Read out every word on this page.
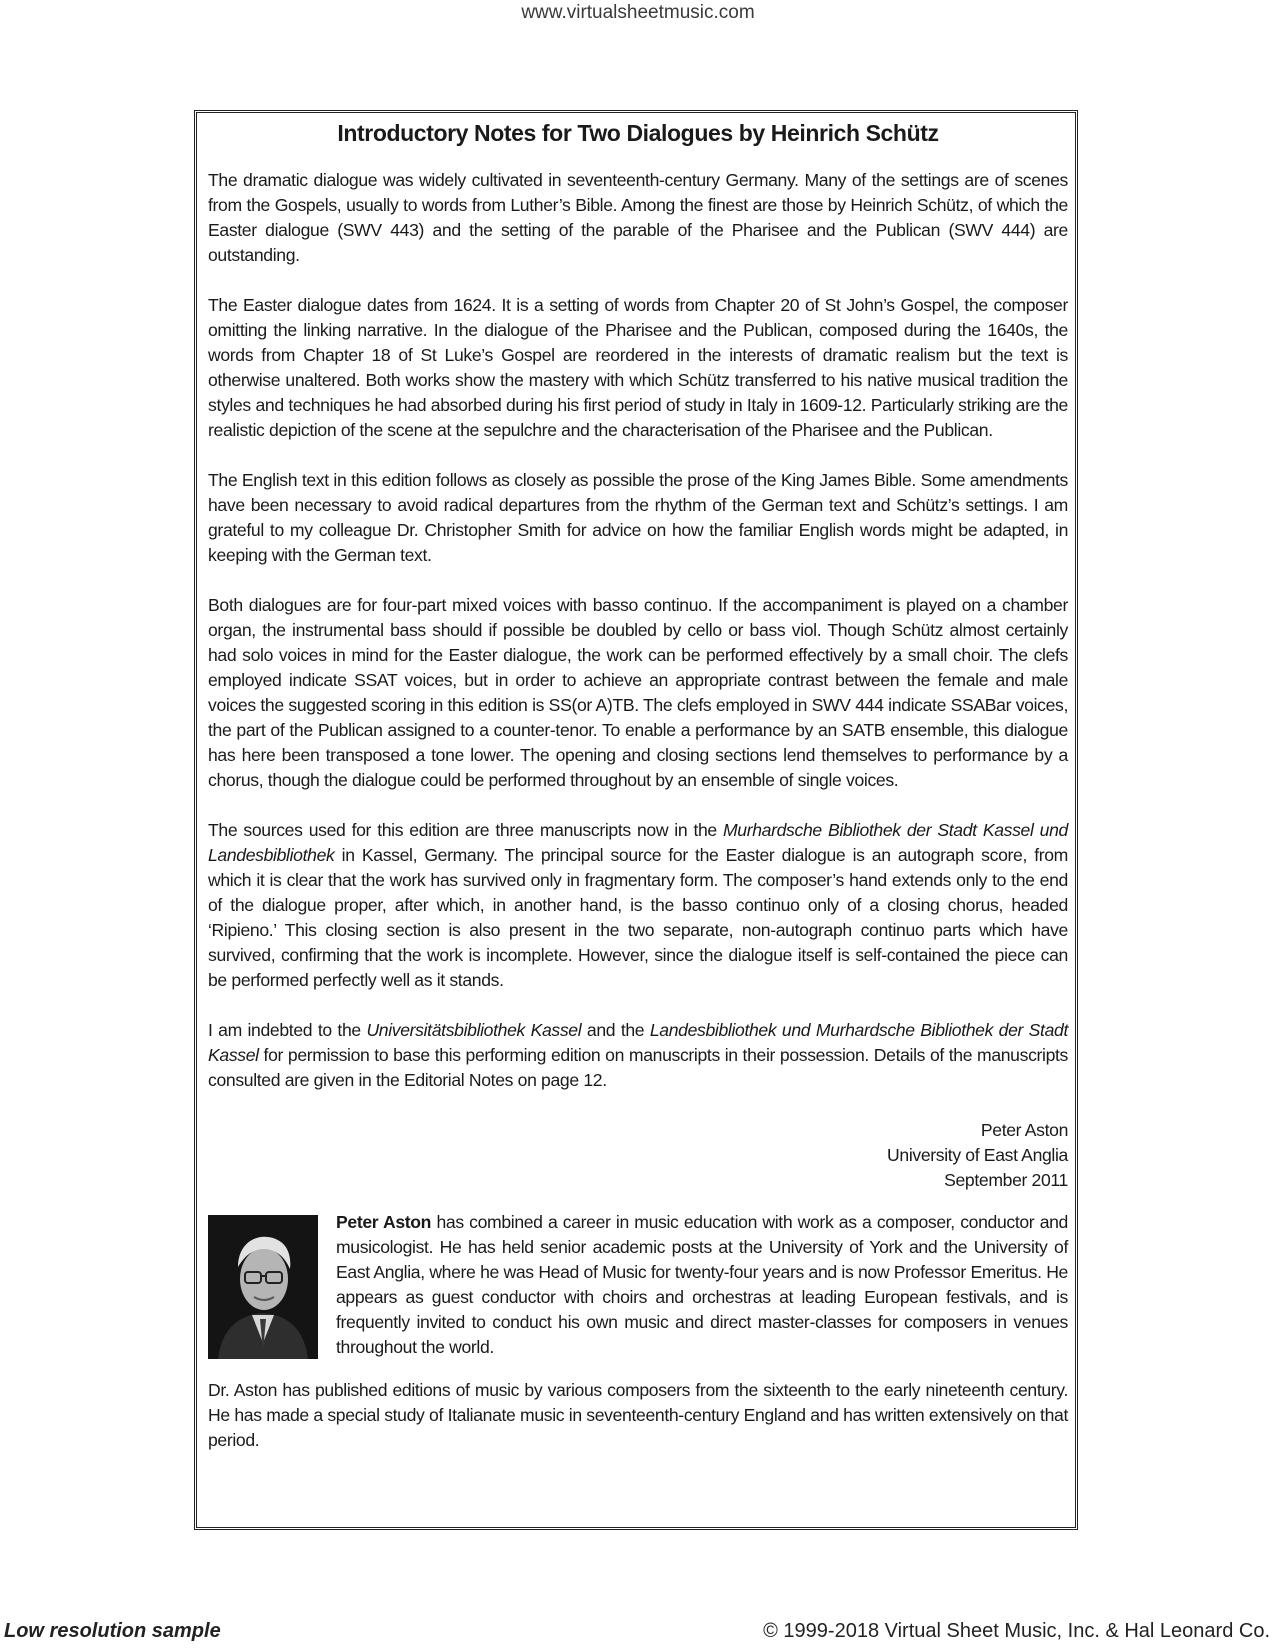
www.virtualsheetmusic.com
Introductory Notes for Two Dialogues by Heinrich Schütz

The dramatic dialogue was widely cultivated in seventeenth-century Germany. Many of the settings are of scenes from the Gospels, usually to words from Luther’s Bible. Among the finest are those by Heinrich Schütz, of which the Easter dialogue (SWV 443) and the setting of the parable of the Pharisee and the Publican (SWV 444) are outstanding.

The Easter dialogue dates from 1624. It is a setting of words from Chapter 20 of St John’s Gospel, the composer omitting the linking narrative. In the dialogue of the Pharisee and the Publican, composed during the 1640s, the words from Chapter 18 of St Luke’s Gospel are reordered in the interests of dramatic realism but the text is otherwise unaltered. Both works show the mastery with which Schütz transferred to his native musical tradition the styles and techniques he had absorbed during his first period of study in Italy in 1609-12. Particularly striking are the realistic depiction of the scene at the sepulchre and the characterisation of the Pharisee and the Publican.

The English text in this edition follows as closely as possible the prose of the King James Bible. Some amendments have been necessary to avoid radical departures from the rhythm of the German text and Schütz’s settings. I am grateful to my colleague Dr. Christopher Smith for advice on how the familiar English words might be adapted, in keeping with the German text.

Both dialogues are for four-part mixed voices with basso continuo. If the accompaniment is played on a chamber organ, the instrumental bass should if possible be doubled by cello or bass viol. Though Schütz almost certainly had solo voices in mind for the Easter dialogue, the work can be performed effectively by a small choir. The clefs employed indicate SSAT voices, but in order to achieve an appropriate contrast between the female and male voices the suggested scoring in this edition is SS(or A)TB. The clefs employed in SWV 444 indicate SSABar voices, the part of the Publican assigned to a counter-tenor. To enable a performance by an SATB ensemble, this dialogue has here been transposed a tone lower. The opening and closing sections lend themselves to performance by a chorus, though the dialogue could be performed throughout by an ensemble of single voices.

The sources used for this edition are three manuscripts now in the Murhardsche Bibliothek der Stadt Kassel und Landesbibliothek in Kassel, Germany. The principal source for the Easter dialogue is an autograph score, from which it is clear that the work has survived only in fragmentary form. The composer’s hand extends only to the end of the dialogue proper, after which, in another hand, is the basso continuo only of a closing chorus, headed ‘Ripieno.’ This closing section is also present in the two separate, non-autograph continuo parts which have survived, confirming that the work is incomplete. However, since the dialogue itself is self-contained the piece can be performed perfectly well as it stands.

I am indebted to the Universitätsbibliothek Kassel and the Landesbibliothek und Murhardsche Bibliothek der Stadt Kassel for permission to base this performing edition on manuscripts in their possession. Details of the manuscripts consulted are given in the Editorial Notes on page 12.

Peter Aston
University of East Anglia
September 2011

Peter Aston has combined a career in music education with work as a composer, conductor and musicologist. He has held senior academic posts at the University of York and the University of East Anglia, where he was Head of Music for twenty-four years and is now Professor Emeritus. He appears as guest conductor with choirs and orchestras at leading European festivals, and is frequently invited to conduct his own music and direct master-classes for composers in venues throughout the world.

Dr. Aston has published editions of music by various composers from the sixteenth to the early nineteenth century. He has made a special study of Italianate music in seventeenth-century England and has written extensively on that period.

Low resolution sample	© 1999-2018 Virtual Sheet Music, Inc. & Hal Leonard Co.
